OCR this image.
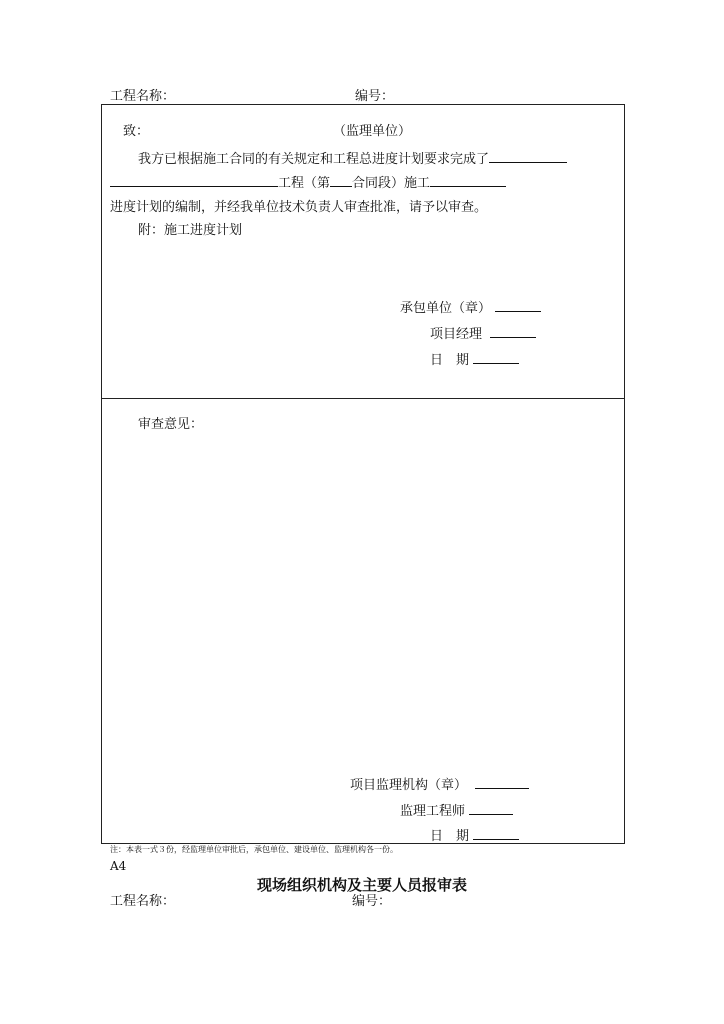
工程名称：	编号：
致：	（监理单位）
我方已根据施工合同的有关规定和工程总进度计划要求完成了
工程（第 合同段）施工
进度计划的编制，并经我单位技术负责人审查批准，请予以审查。
附：施工进度计划
承包单位（章）
项目经理
日　期
审查意见：
项目监理机构（章）
监理工程师
日　期
注：本表一式３份，经监理单位审批后，承包单位、建设单位、监理机构各一份。
A4
现场组织机构及主要人员报审表
工程名称：	编号：
